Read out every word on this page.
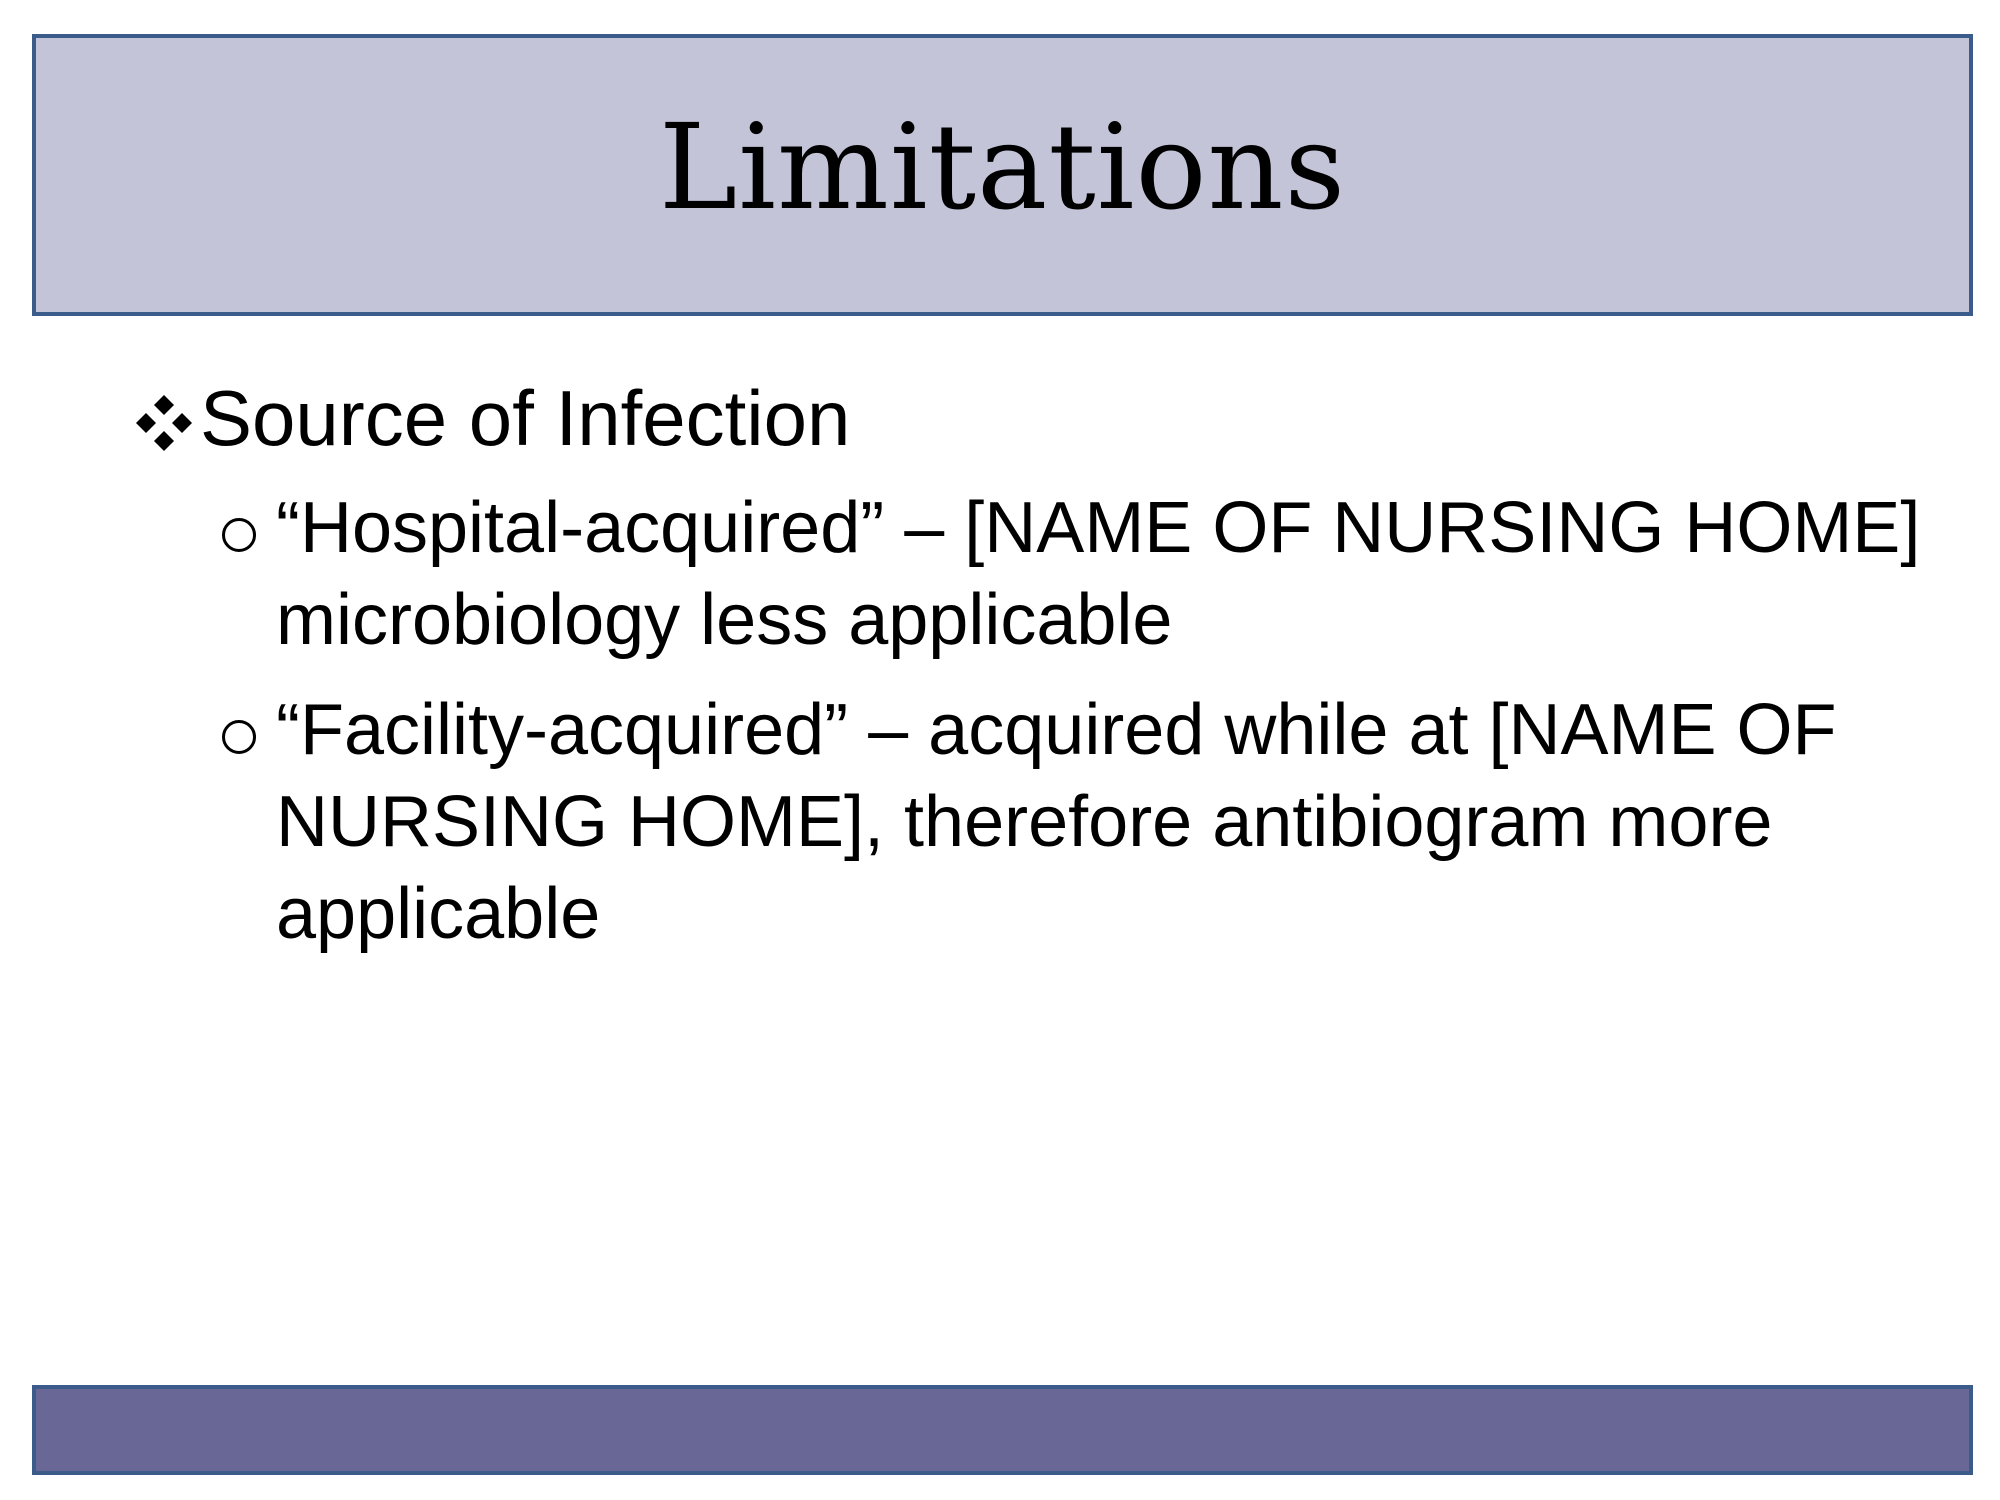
Limitations
Source of Infection
“Hospital-acquired” – [NAME OF NURSING HOME] microbiology less applicable
“Facility-acquired” – acquired while at [NAME OF NURSING HOME], therefore antibiogram more applicable
